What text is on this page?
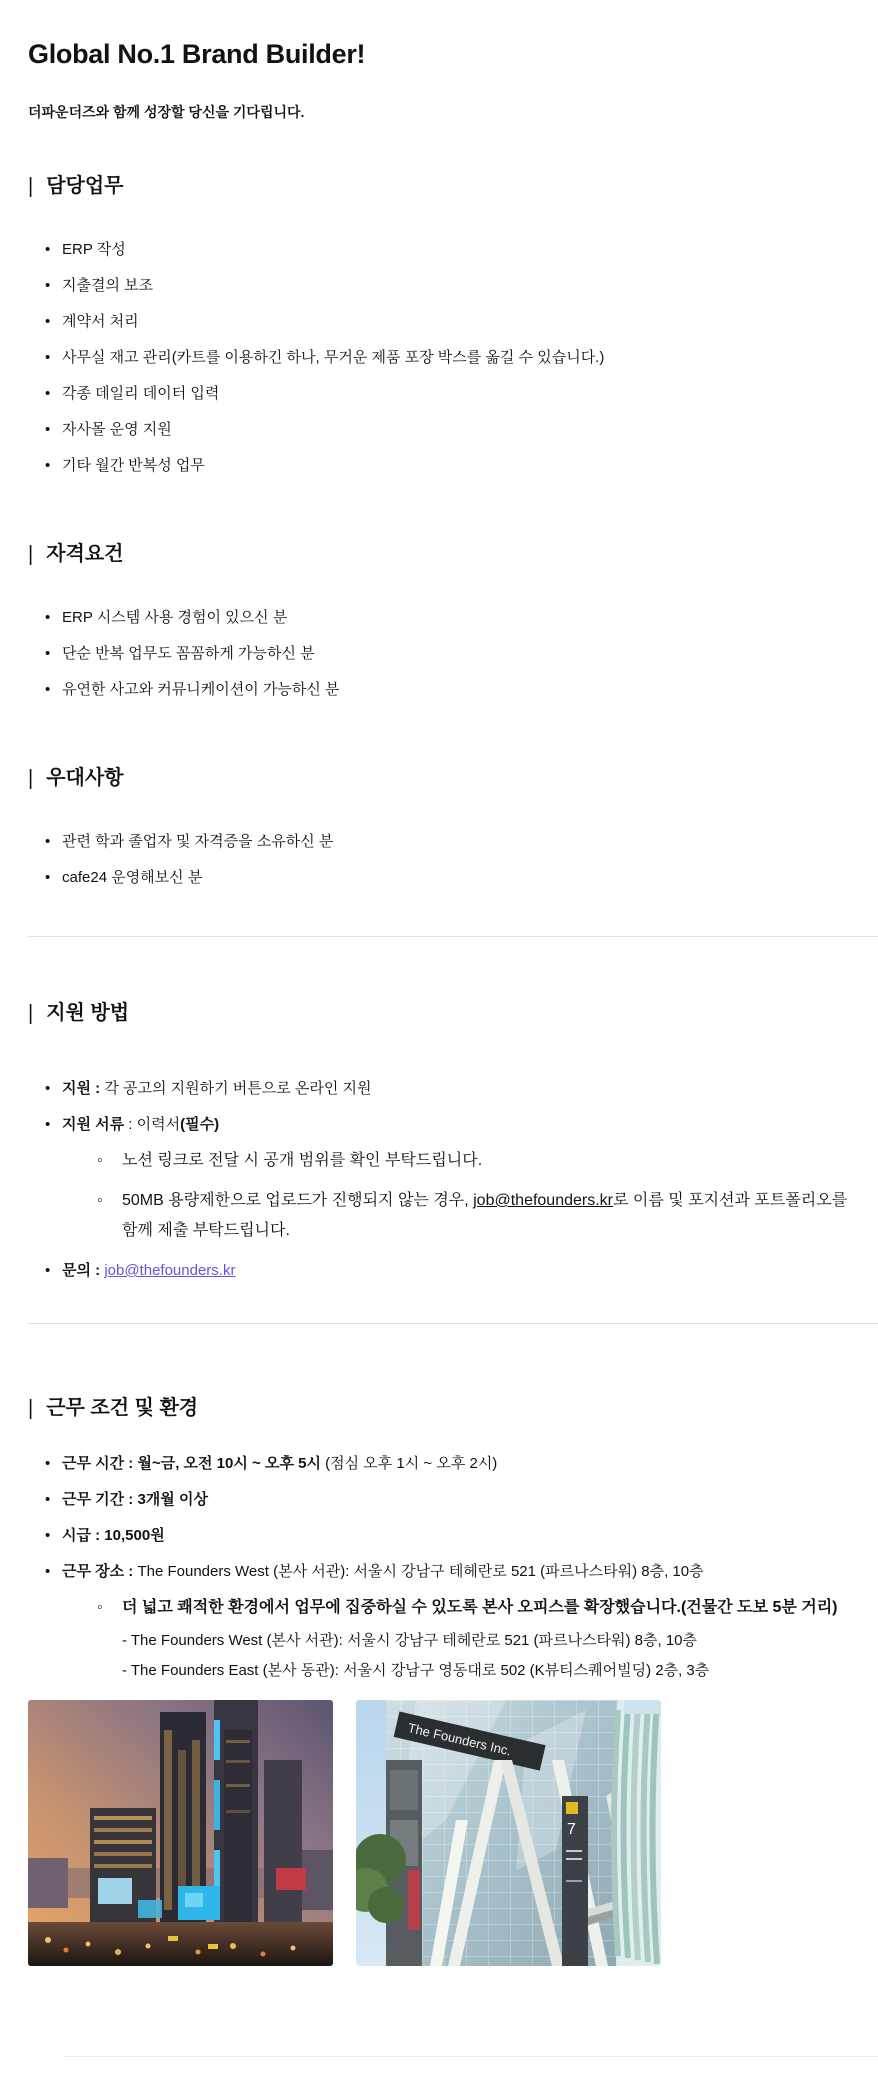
Global No.1 Brand Builder!

더파운더즈와 함께 성장할 당신을 기다립니다.

| 담당업무
• ERP 작성
• 지출결의 보조
• 계약서 처리
• 사무실 재고 관리(카트를 이용하긴 하나, 무거운 제품 포장 박스를 옮길 수 있습니다.)
• 각종 데일리 데이터 입력
• 자사몰 운영 지원
• 기타 월간 반복성 업무
| 자격요건
• ERP 시스템 사용 경험이 있으신 분
• 단순 반복 업무도 꼼꼼하게 가능하신 분
• 유연한 사고와 커뮤니케이션이 가능하신 분
| 우대사항
• 관련 학과 졸업자 및 자격증을 소유하신 분
• cafe24 운영해보신 분
| 지원 방법
• 지원 : 각 공고의 지원하기 버튼으로 온라인 지원
• 지원 서류 : 이력서(필수)
◦ 노션 링크로 전달 시 공개 범위를 확인 부탁드립니다.
◦ 50MB 용량제한으로 업로드가 진행되지 않는 경우, job@thefounders.kr로 이름 및 포지션과 포트폴리오를 함께 제출 부탁드립니다.
• 문의 : job@thefounders.kr
| 근무 조건 및 환경
• 근무 시간 : 월~금, 오전 10시 ~ 오후 5시 (점심 오후 1시 ~ 오후 2시)
• 근무 기간 : 3개월 이상
• 시급 : 10,500원
• 근무 장소 : The Founders West (본사 서관): 서울시 강남구 테헤란로 521 (파르나스타워) 8층, 10층
◦ 더 넓고 쾌적한 환경에서 업무에 집중하실 수 있도록 본사 오피스를 확장했습니다.(건물간 도보 5분 거리)
- The Founders West (본사 서관): 서울시 강남구 테헤란로 521 (파르나스타워) 8층, 10층
- The Founders East (본사 동관): 서울시 강남구 영동대로 502 (K뷰티스퀘어빌딩) 2층, 3층
The Founders Inc.
7
